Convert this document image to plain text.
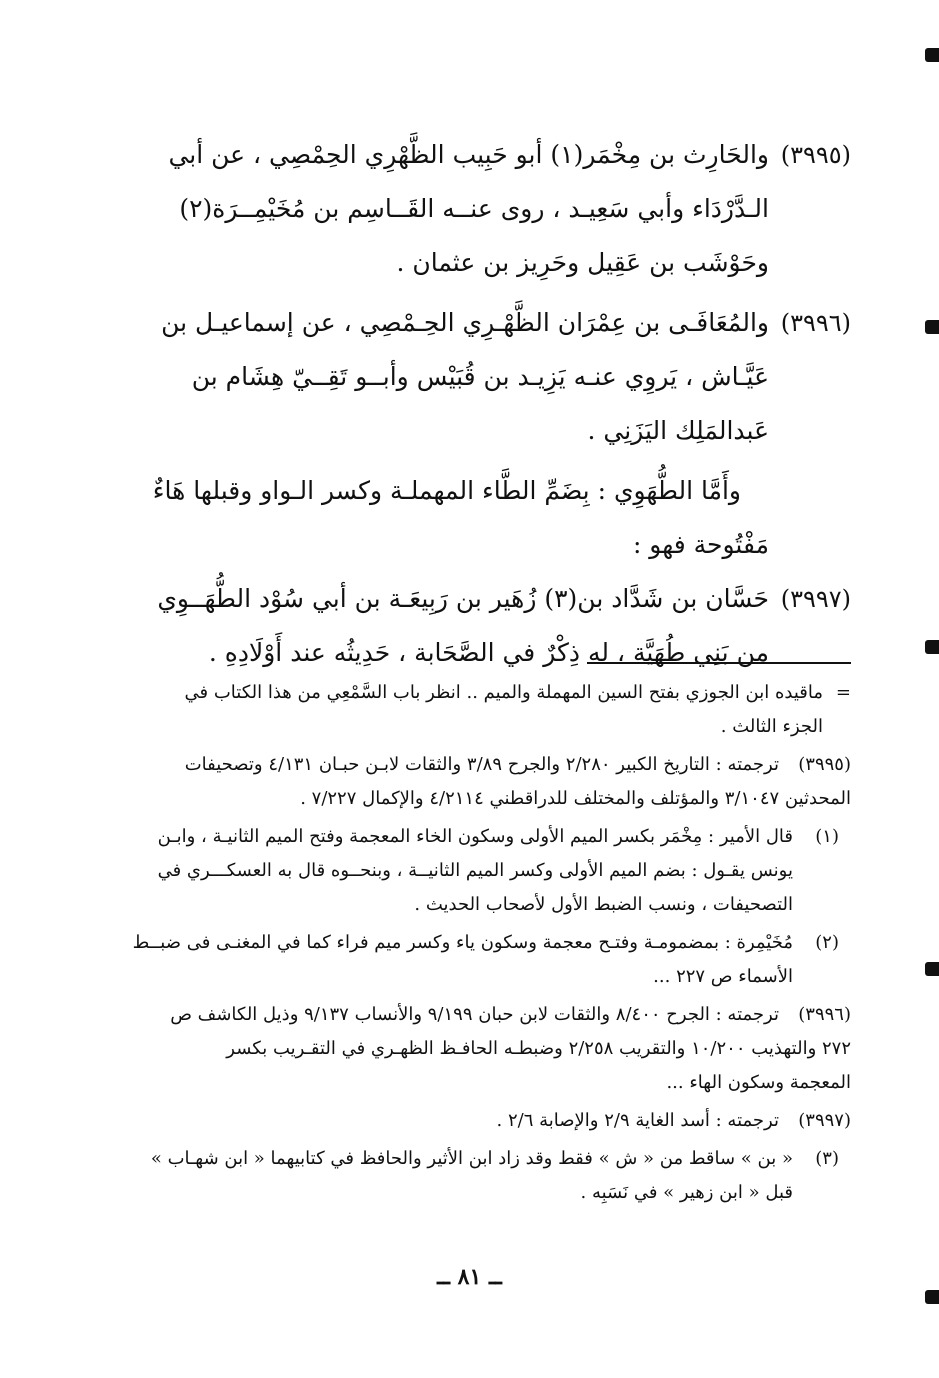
(٣٩٩٥)
والحَارِث بن مِخْمَر(١) أبو حَبِيب الظَّهْرِي الحِمْصِي ، عن أبي
الـدَّرْدَاء وأبي سَعِيـد ، روى عنــه القَــاسِم بن مُخَيْمِــرَة(٢)
وحَوْشَب بن عَقِيل وحَرِيز بن عثمان .
(٣٩٩٦)
والمُعَافَـى بن عِمْرَان الظَّهْـرِي الحِـمْصِي ، عن إسماعيـل بن
عَيَّـاش ، يَروِي عنـه يَزِيـد بن قُبَيْس وأبــو تَقِــيّ هِشَام بن
عَبدالمَلِك اليَزَنِي .
وأَمَّا الطُّهَوِي : بِضَمِّ الطَّاء المهملـة وكسر الـواو وقبلها هَاءٌ
مَفْتُوحة فهو :
(٣٩٩٧)
حَسَّان بن شَدَّاد بن(٣) زُهَير بن رَبِيعَـة بن أبي سُوْد الطُّهَــوِي
من بَنِي طُهَيَّة ، له ذِكْرٌ في الصَّحَابة ، حَدِيثُه عند أَوْلَادِهِ .
=
ماقيده ابن الجوزي بفتح السين المهملة والميم .. انظر باب السَّمْعِي من هذا الكتاب في
الجزء الثالث .
(٣٩٩٥)
ترجمته : التاريخ الكبير ٢/٢٨٠ والجرح ٣/٨٩ والثقات لابـن حبـان ٤/١٣١ وتصحيفات
المحدثين ٣/١٠٤٧ والمؤتلف والمختلف للدراقطني ٤/٢١١٤ والإكمال ٧/٢٢٧ .
(١)
قال الأمير : مِخْمَر بكسر الميم الأولى وسكون الخاء المعجمة وفتح الميم الثانيـة ، وابـن
يونس يقـول : بضم الميم الأولى وكسر الميم الثانيــة ، وبنحــوه قال به العسكـــري في
التصحيفات ، ونسب الضبط الأول لأصحاب الحديث .
(٢)
مُخَيْمِرة : بمضمومـة وفتـح معجمة وسكون ياء وكسر ميم فراء كما في المغنـى فى ضبــط
الأسماء ص ٢٢٧ ...
(٣٩٩٦)
ترجمته : الجرح ٨/٤٠٠ والثقات لابن حبان ٩/١٩٩ والأنساب ٩/١٣٧ وذيل الكاشف ص
٢٧٢ والتهذيب ١٠/٢٠٠ والتقريب ٢/٢٥٨ وضبطـه الحافـظ الظهـري في التقـريب بكسر
المعجمة وسكون الهاء ...
(٣٩٩٧)
ترجمته : أسد الغاية ٢/٩ والإصابة ٢/٦ .
(٣)
« بن » ساقط من « ش » فقط وقد زاد ابن الأثير والحافظ في كتابيهما « ابن شهـاب »
قبل « ابن زهير » في نَسَبِه .
ــ ٨١ ــ
